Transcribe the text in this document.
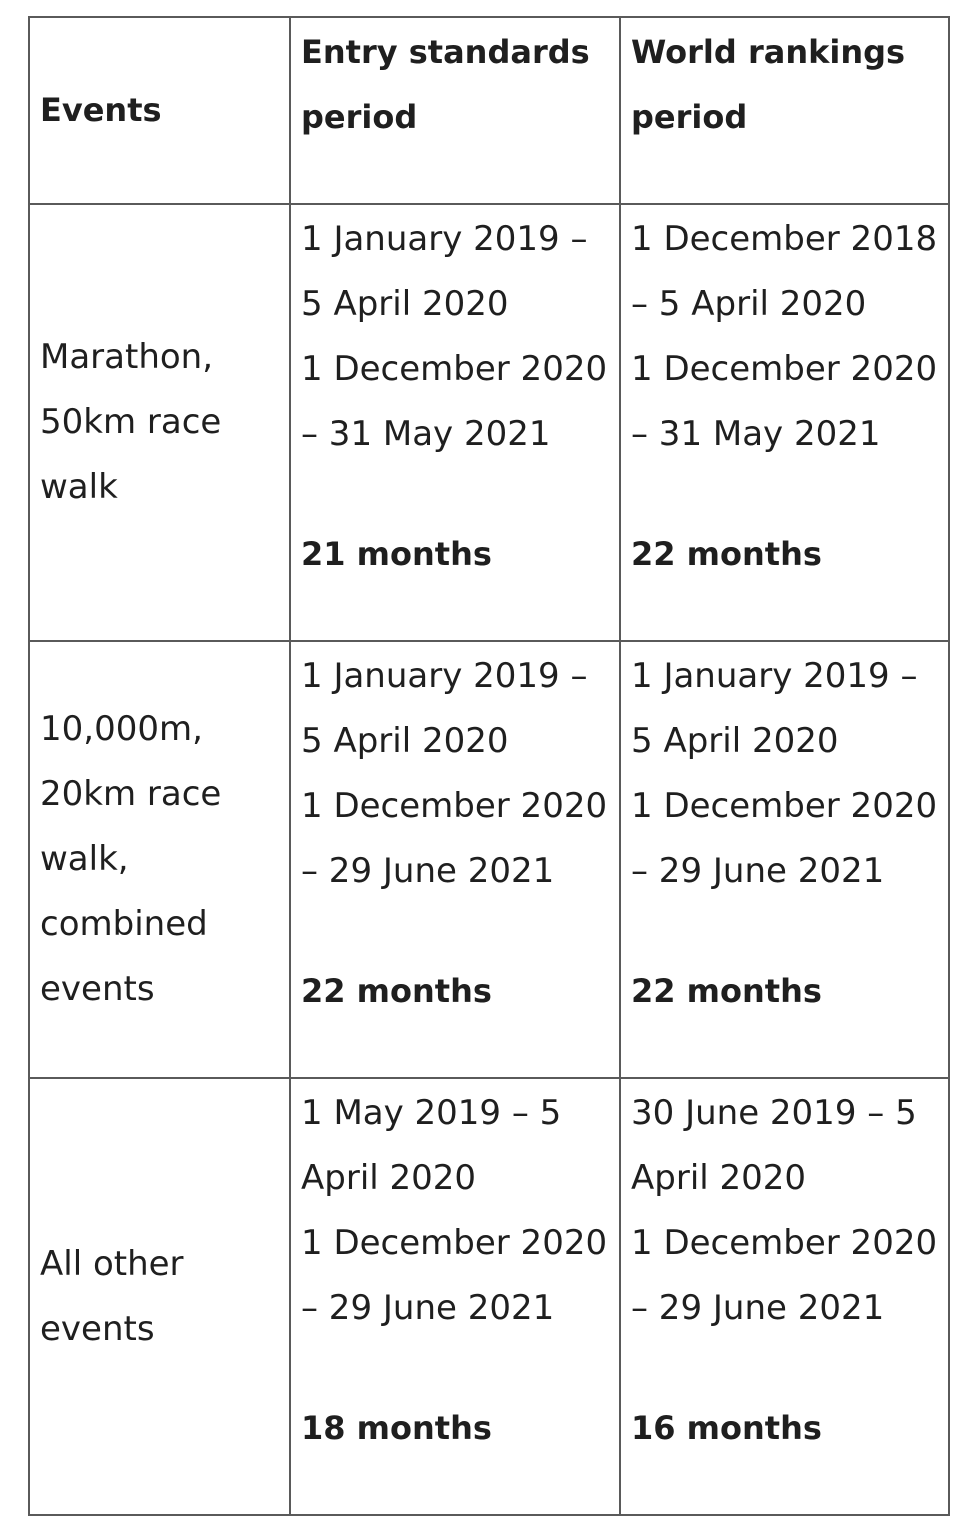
Events
Entry standards
period
World rankings
period
Marathon,
50km race
walk
1 January 2019 –
5 April 2020
1 December 2020
– 31 May 2021
21 months
1 December 2018
– 5 April 2020
1 December 2020
– 31 May 2021
22 months
10,000m,
20km race
walk,
combined
events
1 January 2019 –
5 April 2020
1 December 2020
– 29 June 2021
22 months
1 January 2019 –
5 April 2020
1 December 2020
– 29 June 2021
22 months
All other
events
1 May 2019 – 5
April 2020
1 December 2020
– 29 June 2021
18 months
30 June 2019 – 5
April 2020
1 December 2020
– 29 June 2021
16 months
